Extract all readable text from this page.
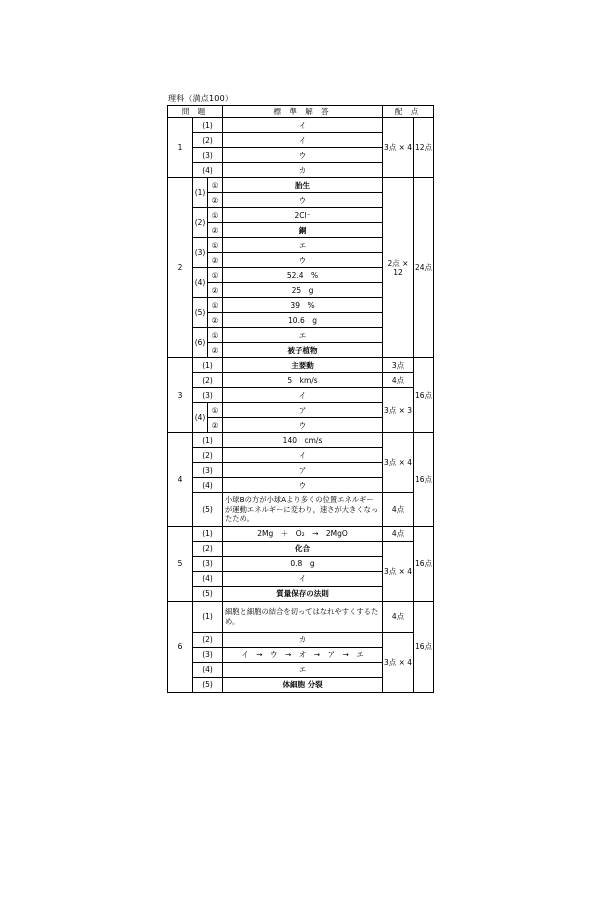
理科（満点100）
問 題			標 準 解 答	配 点	
1	(1)		イ	3点 × 4	12点
	(2)		イ		
	(3)		ウ		
	(4)		カ		
2	(1)	①	胎生	2点 × 12	24点
		②	ウ		
	(2)	①	2Cl⁻		
		②	銅		
	(3)	①	エ		
		②	ウ		
	(4)	①	52.4　%		
		②	25　g		
	(5)	①	39　%		
		②	10.6　g		
	(6)	①	エ		
		②	被子植物		
3	(1)		主要動	3点	16点
	(2)		5　km/s	4点	
	(3)		イ	3点 × 3	
	(4)	①	ア		
		②	ウ		
4	(1)		140　cm/s	3点 × 4	16点
	(2)		イ		
	(3)		ア		
	(4)		ウ		
	(5)		小球Bの方が小球Aより多くの位置エネルギーが運動エネルギーに変わり，速さが大きくなったため。	4点	
5	(1)		2Mg　＋　O₂　→　2MgO	4点	16点
	(2)		化合	3点 × 4	
	(3)		0.8　g		
	(4)		イ		
	(5)		質量保存の法則		
6	(1)		細胞と細胞の結合を切ってはなれやすくするため。	4点	16点
	(2)		カ	3点 × 4	
	(3)		イ　→　ウ　→　オ　→　ア　→　エ		
	(4)		エ		
	(5)		体細胞 分裂		
